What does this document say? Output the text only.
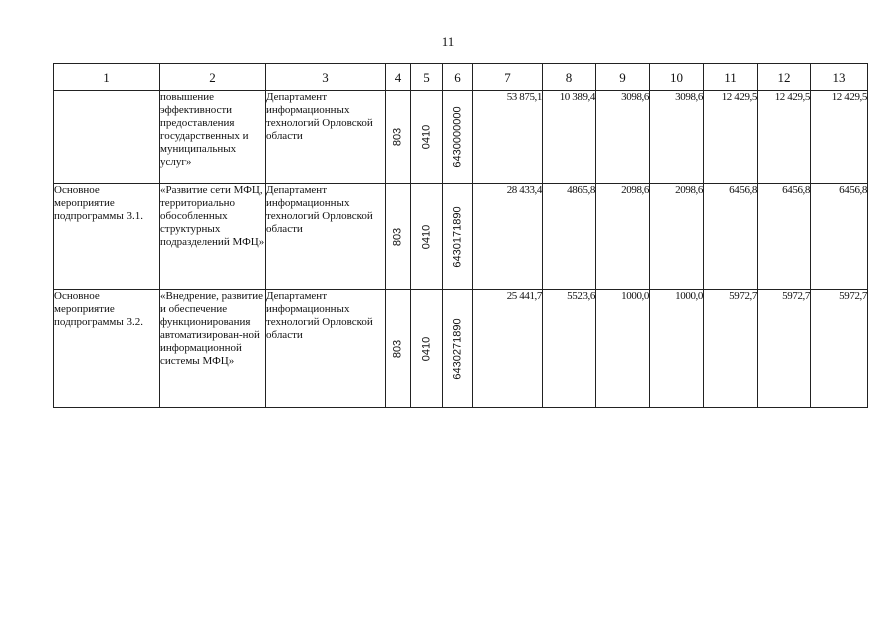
11
1	2	3	4	5	6	7	8	9	10	11	12	13
	повышение эффективности предоставления государственных и муниципальных услуг»	Департамент информационных технологий Орловской области	803	0410	6430000000	53 875,1	10 389,4	3098,6	3098,6	12 429,5	12 429,5	12 429,5
Основное мероприятие подпрограммы 3.1.	«Развитие сети МФЦ, территориально обособленных структурных подразделений МФЦ»	Департамент информационных технологий Орловской области	803	0410	6430171890	28 433,4	4865,8	2098,6	2098,6	6456,8	6456,8	6456,8
Основное мероприятие подпрограммы 3.2.	«Внедрение, развитие и обеспечение функционирования автоматизирован-ной информационной системы МФЦ»	Департамент информационных технологий Орловской области	803	0410	6430271890	25 441,7	5523,6	1000,0	1000,0	5972,7	5972,7	5972,7
